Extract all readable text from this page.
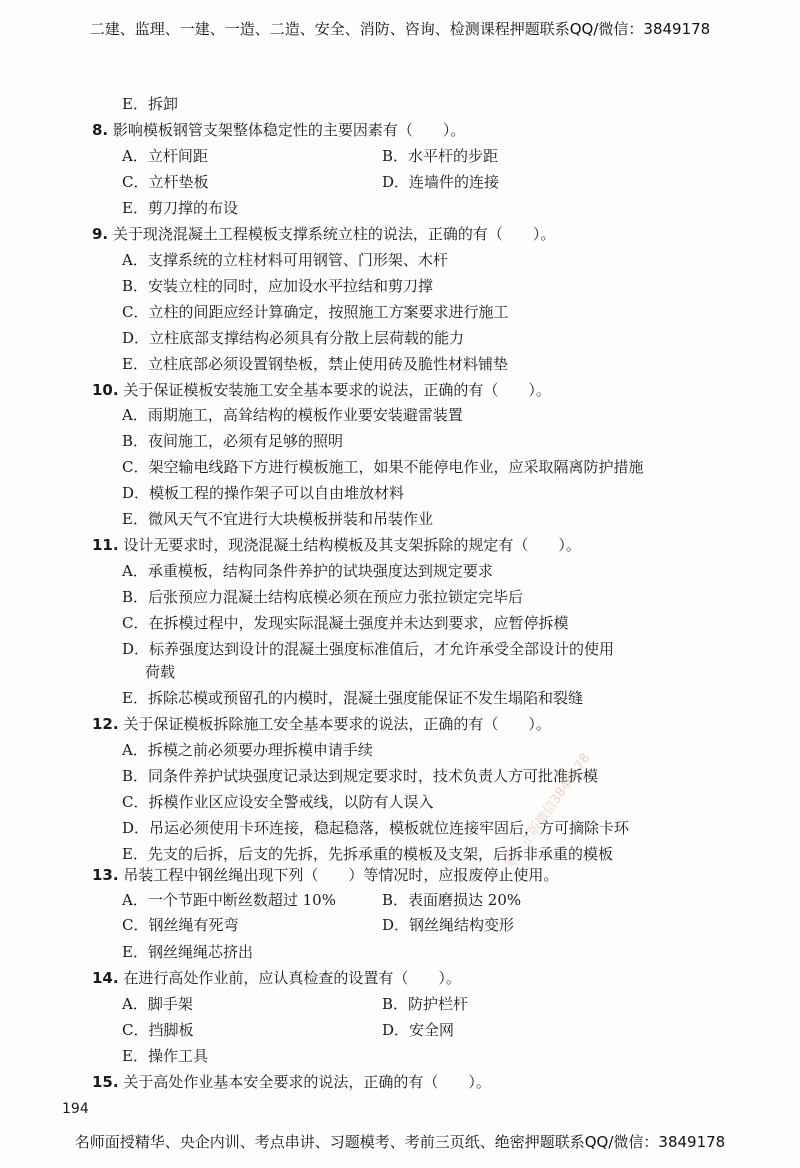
二建、监理、一建、一造、二造、安全、消防、咨询、检测课程押题联系QQ/微信：3849178
E．拆卸
8. 影响模板钢管支架整体稳定性的主要因素有（　　）。
A．立杆间距	B．水平杆的步距
C．立杆垫板	D．连墙件的连接
E．剪刀撑的布设
9. 关于现浇混凝土工程模板支撑系统立柱的说法，正确的有（　　）。
A．支撑系统的立柱材料可用钢管、门形架、木杆
B．安装立柱的同时，应加设水平拉结和剪刀撑
C．立柱的间距应经计算确定，按照施工方案要求进行施工
D．立柱底部支撑结构必须具有分散上层荷载的能力
E．立柱底部必须设置钢垫板，禁止使用砖及脆性材料铺垫
10. 关于保证模板安装施工安全基本要求的说法，正确的有（　　）。
A．雨期施工，高耸结构的模板作业要安装避雷装置
B．夜间施工，必须有足够的照明
C．架空输电线路下方进行模板施工，如果不能停电作业，应采取隔离防护措施
D．模板工程的操作架子可以自由堆放材料
E．微风天气不宜进行大块模板拼装和吊装作业
11. 设计无要求时，现浇混凝土结构模板及其支架拆除的规定有（　　）。
A．承重模板，结构同条件养护的试块强度达到规定要求
B．后张预应力混凝土结构底模必须在预应力张拉锁定完毕后
C．在拆模过程中，发现实际混凝土强度并未达到要求，应暂停拆模
D．标养强度达到设计的混凝土强度标准值后，才允许承受全部设计的使用
荷载
E．拆除芯模或预留孔的内模时，混凝土强度能保证不发生塌陷和裂缝
12. 关于保证模板拆除施工安全基本要求的说法，正确的有（　　）。
A．拆模之前必须要办理拆模申请手续
B．同条件养护试块强度记录达到规定要求时，技术负责人方可批准拆模
C．拆模作业区应设安全警戒线，以防有人误入
D．吊运必须使用卡环连接，稳起稳落，模板就位连接牢固后，方可摘除卡环
E．先支的后拆，后支的先拆，先拆承重的模板及支架，后拆非承重的模板
13. 吊装工程中钢丝绳出现下列（　　）等情况时，应报废停止使用。
A．一个节距中断丝数超过 10%	B．表面磨损达 20%
C．钢丝绳有死弯	D．钢丝绳结构变形
E．钢丝绳绳芯挤出
14. 在进行高处作业前，应认真检查的设置有（　　）。
A．脚手架	B．防护栏杆
C．挡脚板	D．安全网
E．操作工具
15. 关于高处作业基本安全要求的说法，正确的有（　　）。
唯一正版微信3849178
194
名师面授精华、央企内训、考点串讲、习题模考、考前三页纸、绝密押题联系QQ/微信：3849178
